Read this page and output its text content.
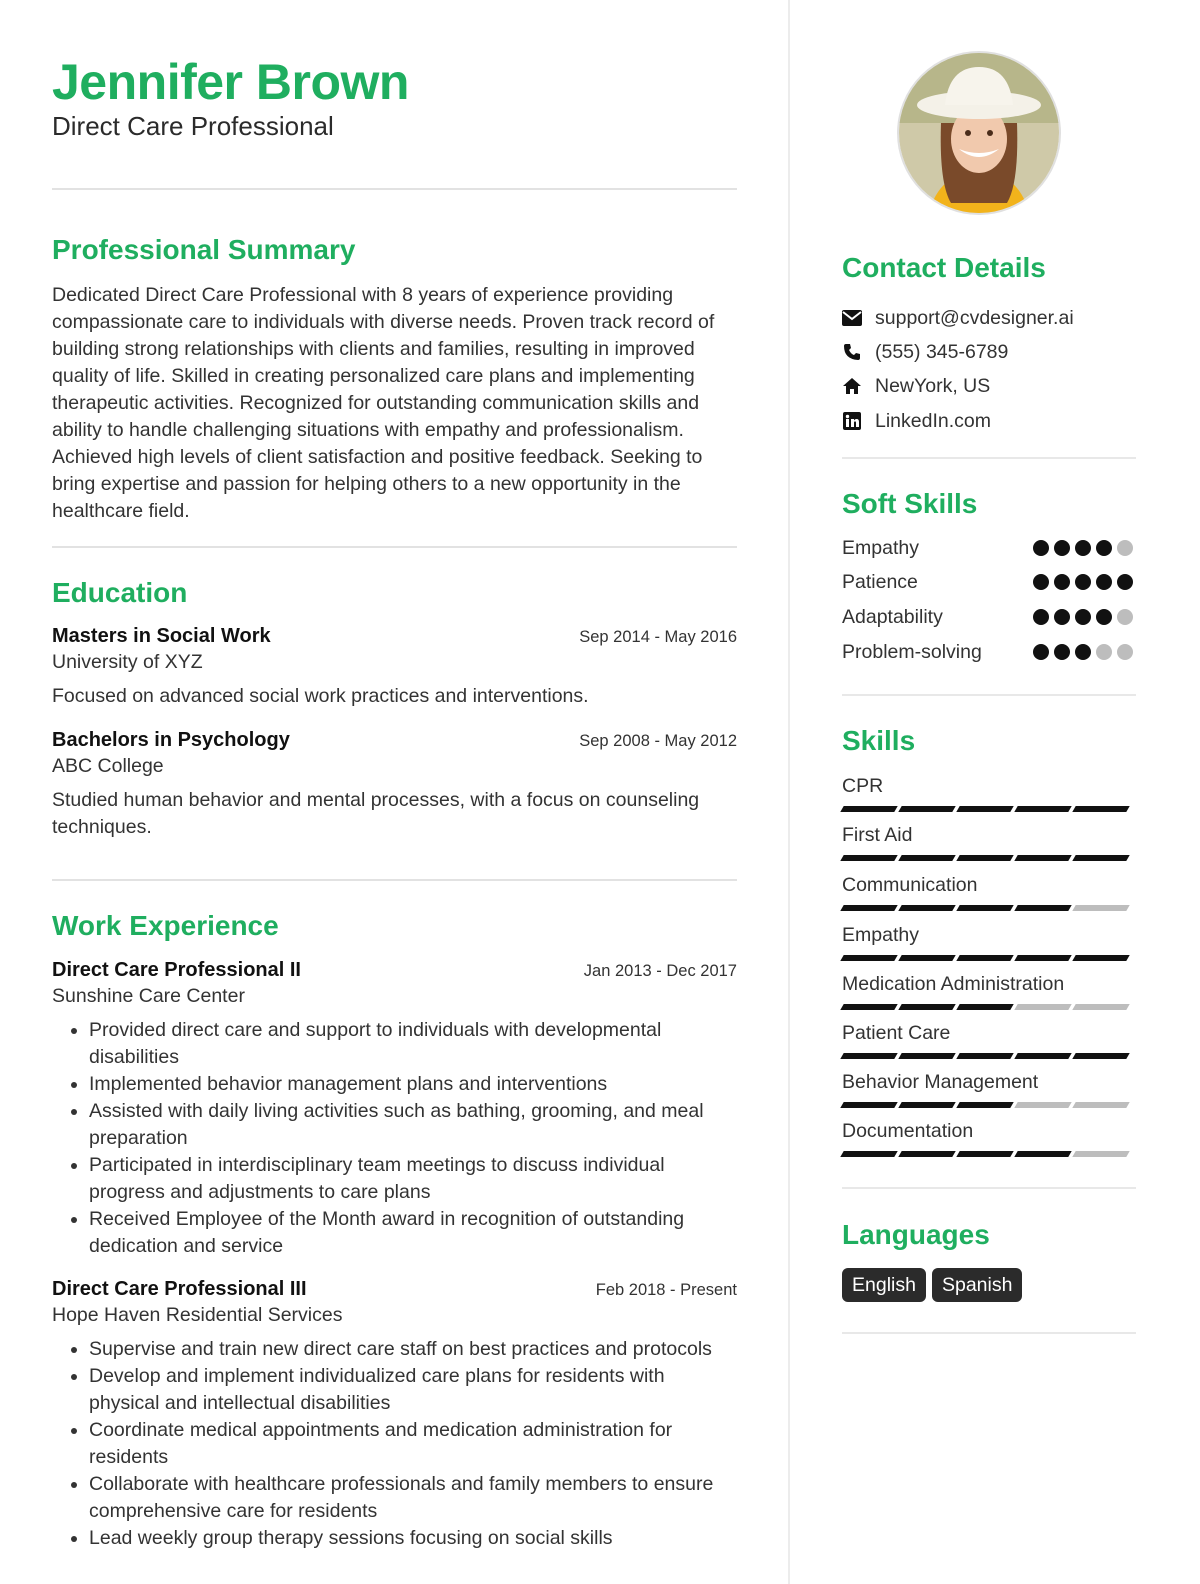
Jennifer Brown
Direct Care Professional
Professional Summary

Dedicated Direct Care Professional with 8 years of experience providing compassionate care to individuals with diverse needs. Proven track record of building strong relationships with clients and families, resulting in improved quality of life. Skilled in creating personalized care plans and implementing therapeutic activities. Recognized for outstanding communication skills and ability to handle challenging situations with empathy and professionalism. Achieved high levels of client satisfaction and positive feedback. Seeking to bring expertise and passion for helping others to a new opportunity in the healthcare field.

Education
Masters in Social Work	Sep 2014 - May 2016
University of XYZ
Focused on advanced social work practices and interventions.
Bachelors in Psychology	Sep 2008 - May 2012
ABC College
Studied human behavior and mental processes, with a focus on counseling techniques.
Work Experience
Direct Care Professional II	Jan 2013 - Dec 2017
Sunshine Care Center
• Provided direct care and support to individuals with developmental disabilities
• Implemented behavior management plans and interventions
• Assisted with daily living activities such as bathing, grooming, and meal preparation
• Participated in interdisciplinary team meetings to discuss individual progress and adjustments to care plans
• Received Employee of the Month award in recognition of outstanding dedication and service
Direct Care Professional III	Feb 2018 - Present
Hope Haven Residential Services
• Supervise and train new direct care staff on best practices and protocols
• Develop and implement individualized care plans for residents with physical and intellectual disabilities
• Coordinate medical appointments and medication administration for residents
• Collaborate with healthcare professionals and family members to ensure comprehensive care for residents
• Lead weekly group therapy sessions focusing on social skills
Contact Details
support@cvdesigner.ai
(555) 345-6789
NewYork, US
LinkedIn.com
Soft Skills
Empathy
Patience
Adaptability
Problem-solving
Skills
CPR
First Aid
Communication
Empathy
Medication Administration
Patient Care
Behavior Management
Documentation
Languages
English	Spanish
